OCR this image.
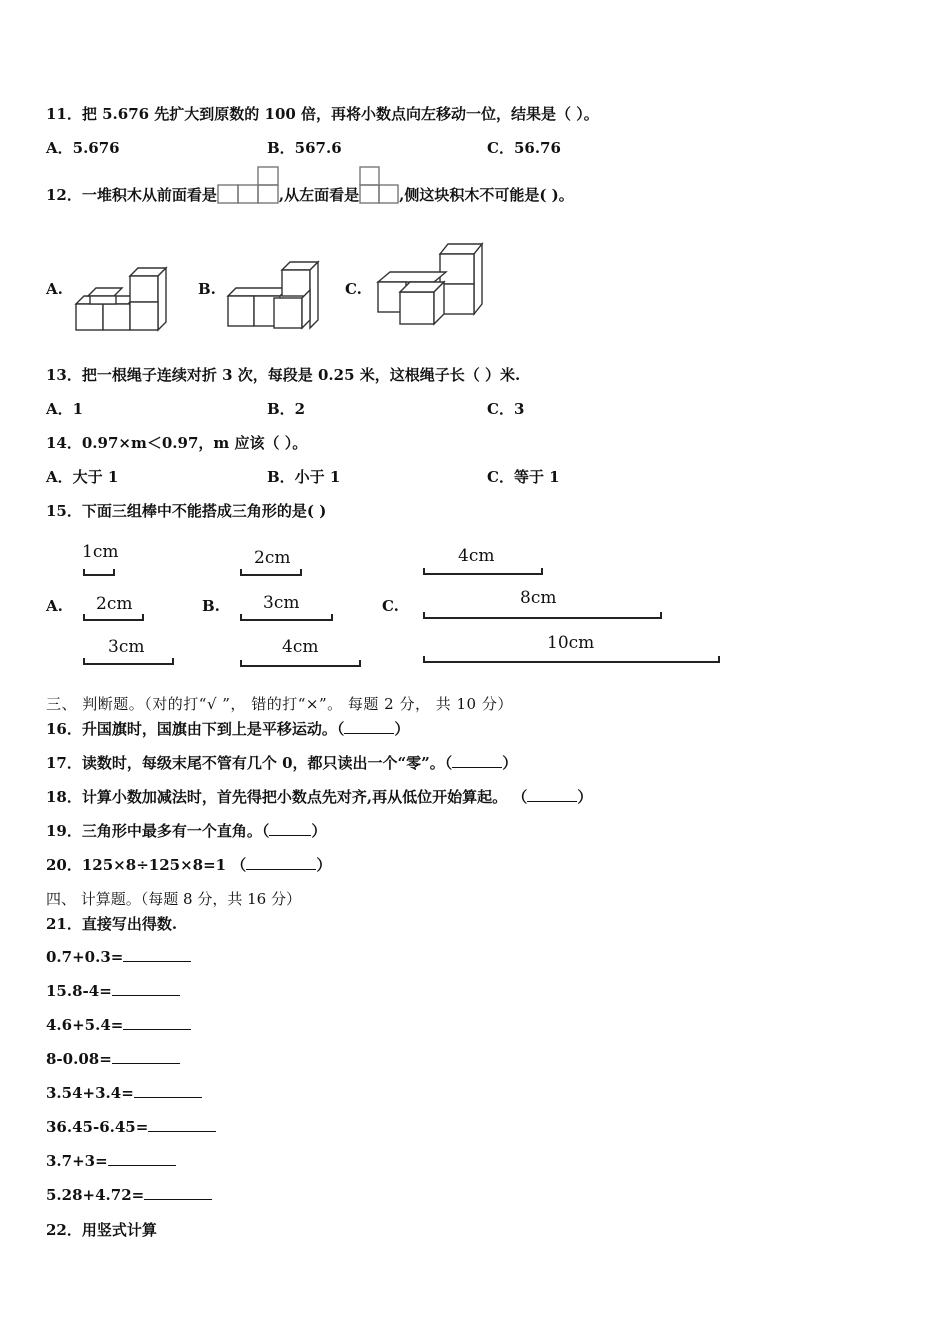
11．把 5.676 先扩大到原数的 100 倍，再将小数点向左移动一位，结果是（ ）。
A．5.676	B．567.6	C．56.76
12．一堆积木从前面看是	,从左面看是	,侧这块积木不可能是( )。
A.	B.	C.
13．把一根绳子连续对折 3 次，每段是 0.25 米，这根绳子长（ ）米.
A．1	B．2	C．3
14．0.97×m＜0.97，m 应该（ ）。
A．大于 1	B．小于 1	C．等于 1
15．下面三组棒中不能搭成三角形的是( )
A.	B.	C.
1cm
2cm
3cm
2cm
3cm
4cm
4cm
8cm
10cm
三、 判断题。（对的打“√ ”， 错的打“×”。 每题 2 分， 共 10 分）
16．升国旗时，国旗由下到上是平移运动。（	）
17．读数时，每级末尾不管有几个 0，都只读出一个“零”。（	）
18．计算小数加减法时，首先得把小数点先对齐,再从低位开始算起。 （	）
19．三角形中最多有一个直角。（	）
20．125×8÷125×8=1 （	）
四、 计算题。（每题 8 分，共 16 分）
21．直接写出得数.
0.7+0.3=
15.8-4=
4.6+5.4=
8-0.08=
3.54+3.4=
36.45-6.45=
3.7+3=
5.28+4.72=
22．用竖式计算
